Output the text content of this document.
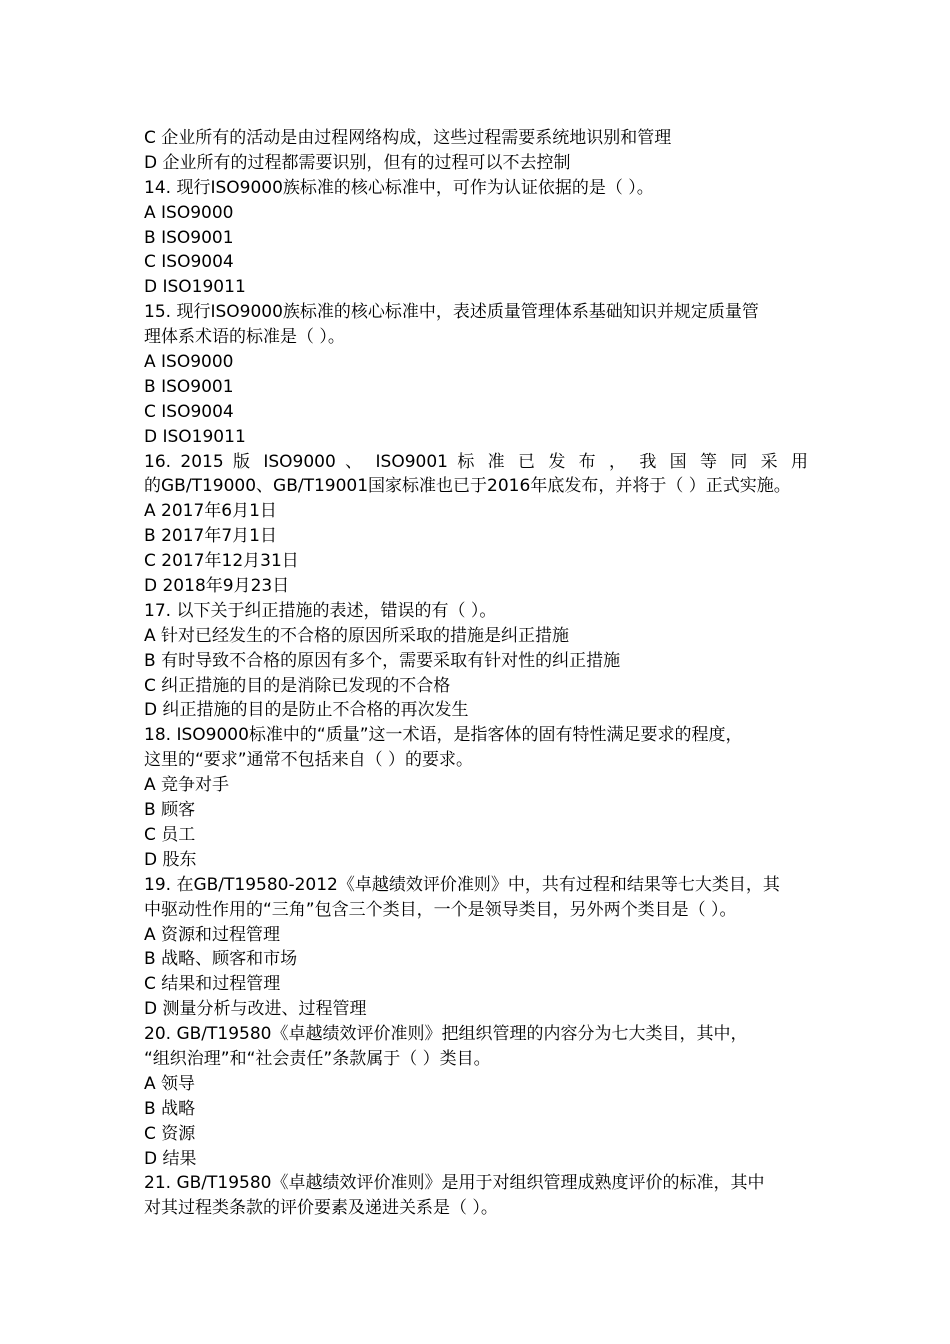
C 企业所有的活动是由过程网络构成，这些过程需要系统地识别和管理
D 企业所有的过程都需要识别，但有的过程可以不去控制
14. 现行ISO9000族标准的核心标准中，可作为认证依据的是（ ）。
A ISO9000
B ISO9001
C ISO9004
D ISO19011
15. 现行ISO9000族标准的核心标准中，表述质量管理体系基础知识并规定质量管
理体系术语的标准是（ ）。
A ISO9000
B ISO9001
C ISO9004
D ISO19011
16. 2015 版 ISO9000 、 ISO9001 标 准 已 发 布 ， 我 国 等 同 采 用
的GB/T19000、GB/T19001国家标准也已于2016年底发布，并将于（ ）正式实施。
A 2017年6月1日
B 2017年7月1日
C 2017年12月31日
D 2018年9月23日
17. 以下关于纠正措施的表述，错误的有（ ）。
A 针对已经发生的不合格的原因所采取的措施是纠正措施
B 有时导致不合格的原因有多个，需要采取有针对性的纠正措施
C 纠正措施的目的是消除已发现的不合格
D 纠正措施的目的是防止不合格的再次发生
18. ISO9000标准中的“质量”这一术语，是指客体的固有特性满足要求的程度，
这里的“要求”通常不包括来自（ ）的要求。
A 竞争对手
B 顾客
C 员工
D 股东
19. 在GB/T19580-2012《卓越绩效评价准则》中，共有过程和结果等七大类目，其
中驱动性作用的“三角”包含三个类目，一个是领导类目，另外两个类目是（ ）。
A 资源和过程管理
B 战略、顾客和市场
C 结果和过程管理
D 测量分析与改进、过程管理
20. GB/T19580《卓越绩效评价准则》把组织管理的内容分为七大类目，其中，
“组织治理”和“社会责任”条款属于（ ）类目。
A 领导
B 战略
C 资源
D 结果
21. GB/T19580《卓越绩效评价准则》是用于对组织管理成熟度评价的标准，其中
对其过程类条款的评价要素及递进关系是（ ）。
